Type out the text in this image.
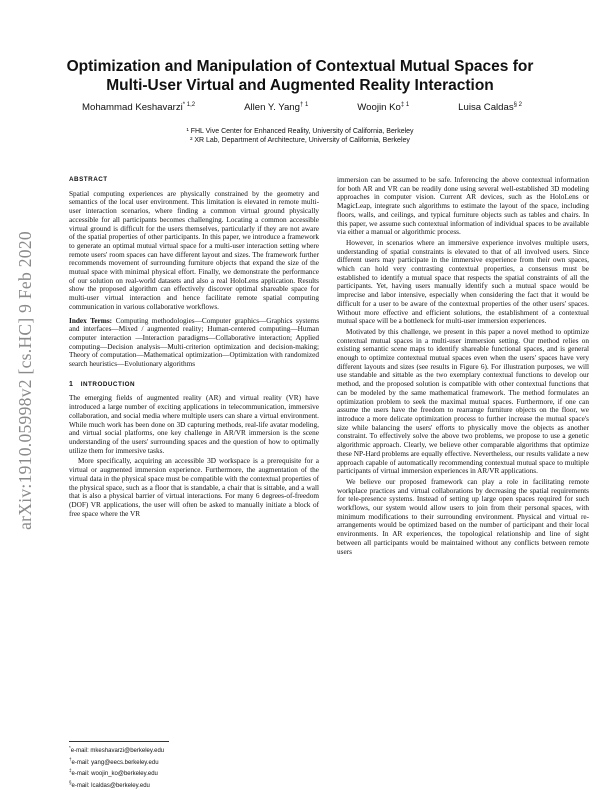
arXiv:1910.05998v2 [cs.HC] 9 Feb 2020
Optimization and Manipulation of Contextual Mutual Spaces for Multi-User Virtual and Augmented Reality Interaction
Mohammad Keshavarzi$^{* 1,2}$	Allen Y. Yang$^{\dagger 1}$	Woojin Ko$^{\ddagger 1}$	Luisa Caldas$^{\S 2}$
¹ FHL Vive Center for Enhanced Reality, University of California, Berkeley
² XR Lab, Department of Architecture, University of California, Berkeley
ABSTRACT

Spatial computing experiences are physically constrained by the geometry and semantics of the local user environment. This limitation is elevated in remote multi-user interaction scenarios, where finding a common virtual ground physically accessible for all participants becomes challenging. Locating a common accessible virtual ground is difficult for the users themselves, particularly if they are not aware of the spatial properties of other participants. In this paper, we introduce a framework to generate an optimal mutual virtual space for a multi-user interaction setting where remote users' room spaces can have different layout and sizes. The framework further recommends movement of surrounding furniture objects that expand the size of the mutual space with minimal physical effort. Finally, we demonstrate the performance of our solution on real-world datasets and also a real HoloLens application. Results show the proposed algorithm can effectively discover optimal shareable space for multi-user virtual interaction and hence facilitate remote spatial computing communication in various collaborative workflows.

Index Terms: Computing methodologies—Computer graphics—Graphics systems and interfaces—Mixed / augmented reality; Human-centered computing—Human computer interaction —Interaction paradigms—Collaborative interaction; Applied computing—Decision analysis—Multi-criterion optimization and decision-making; Theory of computation—Mathematical optimization—Optimization with randomized search heuristics—Evolutionary algorithms

1 INTRODUCTION

The emerging fields of augmented reality (AR) and virtual reality (VR) have introduced a large number of exciting applications in telecommunication, immersive collaboration, and social media where multiple users can share a virtual environment. While much work has been done on 3D capturing methods, real-life avatar modeling, and virtual social platforms, one key challenge in AR/VR immersion is the scene understanding of the users' surrounding spaces and the question of how to optimally utilize them for immersive tasks.

More specifically, acquiring an accessible 3D workspace is a prerequisite for a virtual or augmented immersion experience. Furthermore, the augmentation of the virtual data in the physical space must be compatible with the contextual properties of the physical space, such as a floor that is standable, a chair that is sittable, and a wall that is also a physical barrier of virtual interactions. For many 6 degrees-of-freedom (DOF) VR applications, the user will often be asked to manually initiate a block of free space where the VR

immersion can be assumed to be safe. Inferencing the above contextual information for both AR and VR can be readily done using several well-established 3D modeling approaches in computer vision. Current AR devices, such as the HoloLens or MagicLeap, integrate such algorithms to estimate the layout of the space, including floors, walls, and ceilings, and typical furniture objects such as tables and chairs. In this paper, we assume such contextual information of individual spaces to be available via either a manual or algorithmic process.

However, in scenarios where an immersive experience involves multiple users, understanding of spatial constraints is elevated to that of all involved users. Since different users may participate in the immersive experience from their own spaces, which can hold very contrasting contextual properties, a consensus must be established to identify a mutual space that respects the spatial constraints of all the participants. Yet, having users manually identify such a mutual space would be imprecise and labor intensive, especially when considering the fact that it would be difficult for a user to be aware of the contextual properties of the other users' spaces. Without more effective and efficient solutions, the establishment of a contextual mutual space will be a bottleneck for multi-user immersion experiences.

Motivated by this challenge, we present in this paper a novel method to optimize contextual mutual spaces in a multi-user immersion setting. Our method relies on existing semantic scene maps to identify shareable functional spaces, and is general enough to optimize contextual mutual spaces even when the users' spaces have very different layouts and sizes (see results in Figure 6). For illustration purposes, we will use standable and sittable as the two exemplary contextual functions to develop our method, and the proposed solution is compatible with other contextual functions that can be modeled by the same mathematical framework. The method formulates an optimization problem to seek the maximal mutual spaces. Furthermore, if one can assume the users have the freedom to rearrange furniture objects on the floor, we introduce a more delicate optimization process to further increase the mutual space's size while balancing the users' efforts to physically move the objects as another constraint. To effectively solve the above two problems, we propose to use a genetic algorithmic approach. Clearly, we believe other comparable algorithms that optimize these NP-Hard problems are equally effective. Nevertheless, our results validate a new approach capable of automatically recommending contextual mutual space to multiple participants of virtual immersion experiences in AR/VR applications.

We believe our proposed framework can play a role in facilitating remote workplace practices and virtual collaborations by decreasing the spatial requirements for tele-presence systems. Instead of setting up large open spaces required for such workflows, our system would allow users to join from their personal spaces, with minimum modifications to their surrounding environment. Physical and virtual re-arrangements would be optimized based on the number of participant and their local environments. In AR experiences, the topological relationship and line of sight between all participants would be maintained without any conflicts between remote users

*e-mail: mkeshavarzi@berkeley.edu
†e-mail: yang@eecs.berkeley.edu
‡e-mail: woojin_ko@berkeley.edu
§e-mail: lcaldas@berkeley.edu
